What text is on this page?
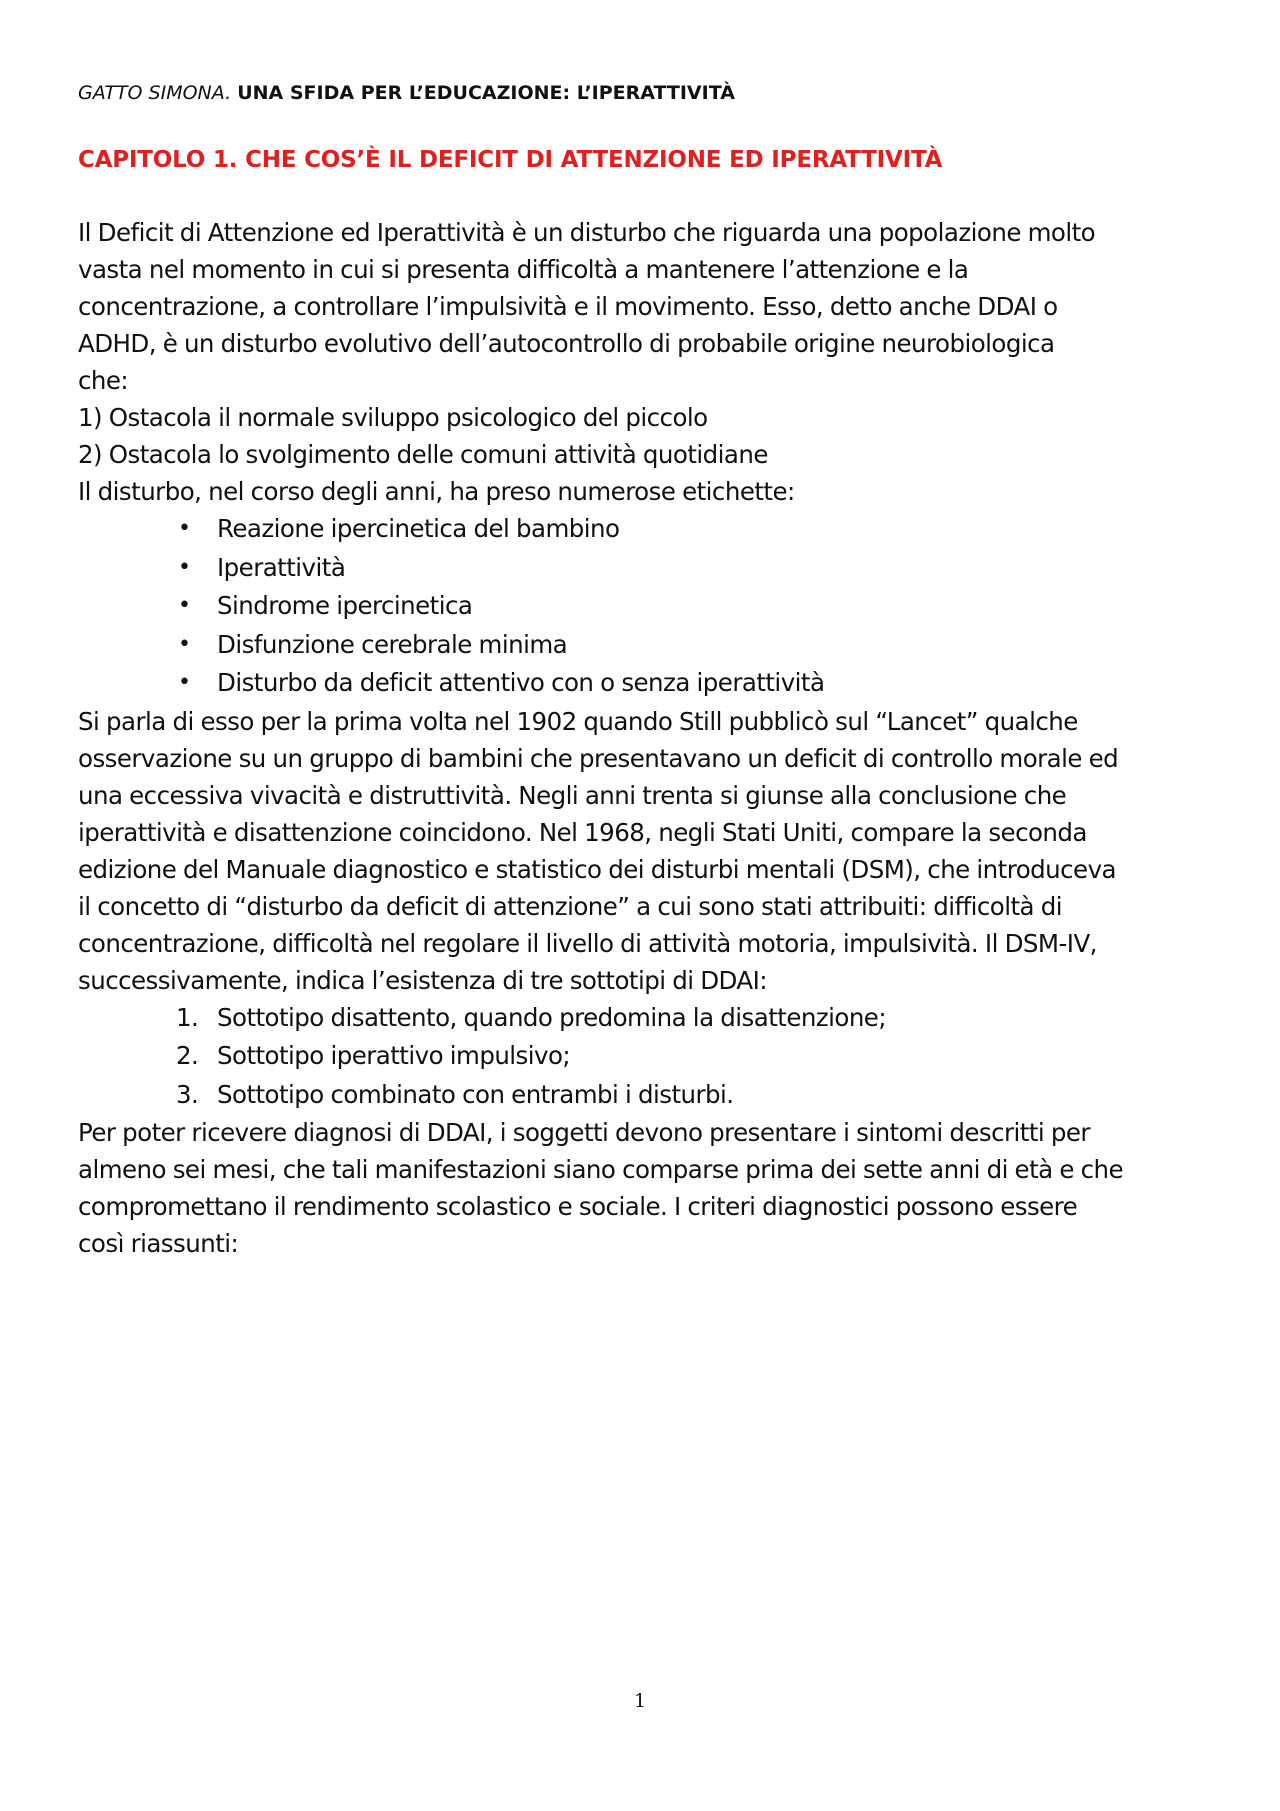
GATTO SIMONA. UNA SFIDA PER L’EDUCAZIONE: L’IPERATTIVITÀ
CAPITOLO 1. CHE COS’È IL DEFICIT DI ATTENZIONE ED IPERATTIVITÀ
Il Deficit di Attenzione ed Iperattività è un disturbo che riguarda una popolazione molto
vasta nel momento in cui si presenta difficoltà a mantenere l’attenzione e la
concentrazione, a controllare l’impulsività e il movimento. Esso, detto anche DDAI o
ADHD, è un disturbo evolutivo dell’autocontrollo di probabile origine neurobiologica
che:
1) Ostacola il normale sviluppo psicologico del piccolo
2) Ostacola lo svolgimento delle comuni attività quotidiane
Il disturbo, nel corso degli anni, ha preso numerose etichette:
• Reazione ipercinetica del bambino
• Iperattività
• Sindrome ipercinetica
• Disfunzione cerebrale minima
• Disturbo da deficit attentivo con o senza iperattività
Si parla di esso per la prima volta nel 1902 quando Still pubblicò sul “Lancet” qualche
osservazione su un gruppo di bambini che presentavano un deficit di controllo morale ed
una eccessiva vivacità e distruttività. Negli anni trenta si giunse alla conclusione che
iperattività e disattenzione coincidono. Nel 1968, negli Stati Uniti, compare la seconda
edizione del Manuale diagnostico e statistico dei disturbi mentali (DSM), che introduceva
il concetto di “disturbo da deficit di attenzione” a cui sono stati attribuiti: difficoltà di
concentrazione, difficoltà nel regolare il livello di attività motoria, impulsività. Il DSM-IV,
successivamente, indica l’esistenza di tre sottotipi di DDAI:
1. Sottotipo disattento, quando predomina la disattenzione;
2. Sottotipo iperattivo impulsivo;
3. Sottotipo combinato con entrambi i disturbi.
Per poter ricevere diagnosi di DDAI, i soggetti devono presentare i sintomi descritti per
almeno sei mesi, che tali manifestazioni siano comparse prima dei sette anni di età e che
compromettano il rendimento scolastico e sociale. I criteri diagnostici possono essere
così riassunti:
1
